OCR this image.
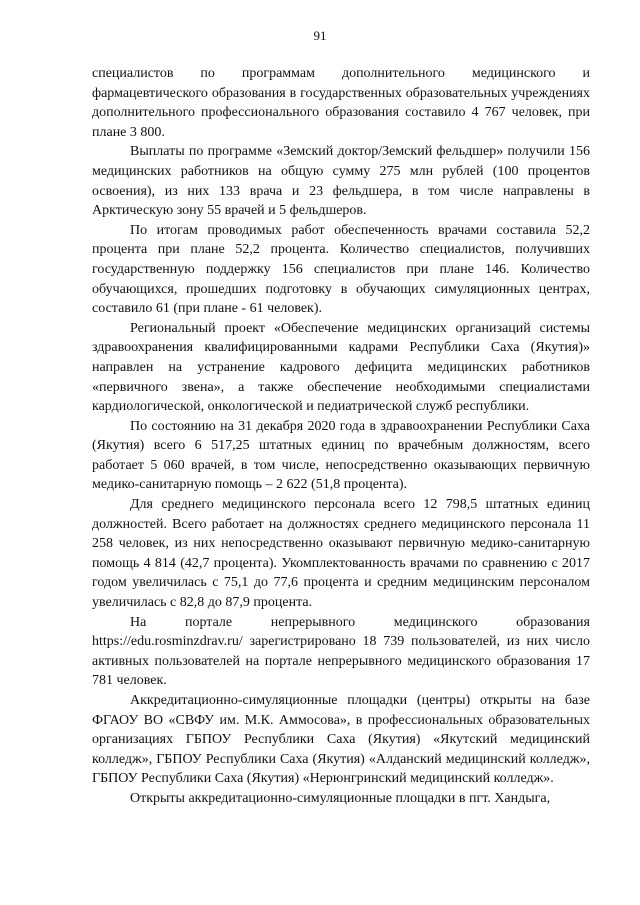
91

специалистов по программам дополнительного медицинского и фармацевтического образования в государственных образовательных учреждениях дополнительного профессионального образования составило 4 767 человек, при плане 3 800.

Выплаты по программе «Земский доктор/Земский фельдшер» получили 156 медицинских работников на общую сумму 275 млн рублей (100 процентов освоения), из них 133 врача и 23 фельдшера, в том числе направлены в Арктическую зону 55 врачей и 5 фельдшеров.

По итогам проводимых работ обеспеченность врачами составила 52,2 процента при плане 52,2 процента. Количество специалистов, получивших государственную поддержку 156 специалистов при плане 146. Количество обучающихся, прошедших подготовку в обучающих симуляционных центрах, составило 61 (при плане - 61 человек).

Региональный проект «Обеспечение медицинских организаций системы здравоохранения квалифицированными кадрами Республики Саха (Якутия)» направлен на устранение кадрового дефицита медицинских работников «первичного звена», а также обеспечение необходимыми специалистами кардиологической, онкологической и педиатрической служб республики.

По состоянию на 31 декабря 2020 года в здравоохранении Республики Саха (Якутия) всего 6 517,25 штатных единиц по врачебным должностям, всего работает 5 060 врачей, в том числе, непосредственно оказывающих первичную медико-санитарную помощь – 2 622 (51,8 процента).

Для среднего медицинского персонала всего 12 798,5 штатных единиц должностей. Всего работает на должностях среднего медицинского персонала 11 258 человек, из них непосредственно оказывают первичную медико-санитарную помощь 4 814 (42,7 процента). Укомплектованность врачами по сравнению с 2017 годом увеличилась с 75,1 до 77,6 процента и средним медицинским персоналом увеличилась с 82,8 до 87,9 процента.

На портале непрерывного медицинского образования https://edu.rosminzdrav.ru/ зарегистрировано 18 739 пользователей, из них число активных пользователей на портале непрерывного медицинского образования 17 781 человек.

Аккредитационно-симуляционные площадки (центры) открыты на базе ФГАОУ ВО «СВФУ им. М.К. Аммосова», в профессиональных образовательных организациях ГБПОУ Республики Саха (Якутия) «Якутский медицинский колледж», ГБПОУ Республики Саха (Якутия) «Алданский медицинский колледж», ГБПОУ Республики Саха (Якутия) «Нерюнгринский медицинский колледж».

Открыты аккредитационно-симуляционные площадки в пгт. Хандыга,
